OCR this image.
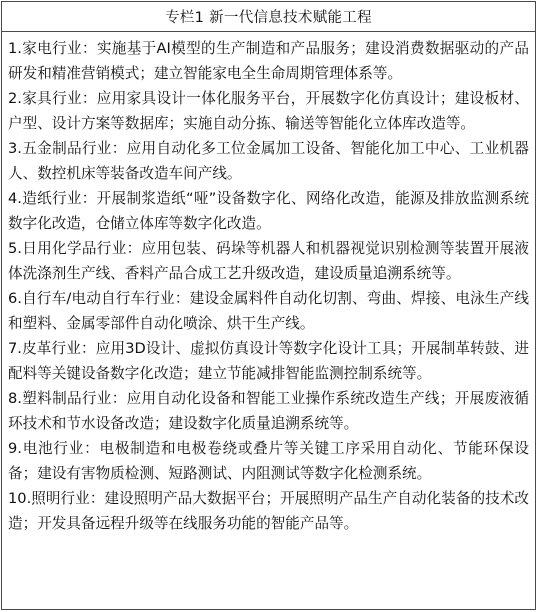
专栏1 新一代信息技术赋能工程

1.家电行业：实施基于AI模型的生产制造和产品服务；建设消费数据驱动的产品研发和精准营销模式；建立智能家电全生命周期管理体系等。

2.家具行业：应用家具设计一体化服务平台，开展数字化仿真设计；建设板材、户型、设计方案等数据库；实施自动分拣、输送等智能化立体库改造等。

3.五金制品行业：应用自动化多工位金属加工设备、智能化加工中心、工业机器人、数控机床等装备改造车间产线。

4.造纸行业：开展制浆造纸“哑”设备数字化、网络化改造，能源及排放监测系统数字化改造，仓储立体库等数字化改造。

5.日用化学品行业：应用包装、码垛等机器人和机器视觉识别检测等装置开展液体洗涤剂生产线、香料产品合成工艺升级改造，建设质量追溯系统等。

6.自行车/电动自行车行业：建设金属料件自动化切割、弯曲、焊接、电泳生产线和塑料、金属零部件自动化喷涂、烘干生产线。

7.皮革行业：应用3D设计、虚拟仿真设计等数字化设计工具；开展制革转鼓、进配料等关键设备数字化改造；建立节能减排智能监测控制系统等。

8.塑料制品行业：应用自动化设备和智能工业操作系统改造生产线；开展废液循环技术和节水设备改造；建设数字化质量追溯系统等。

9.电池行业：电极制造和电极卷绕或叠片等关键工序采用自动化、节能环保设备；建设有害物质检测、短路测试、内阻测试等数字化检测系统。

10.照明行业：建设照明产品大数据平台；开展照明产品生产自动化装备的技术改造；开发具备远程升级等在线服务功能的智能产品等。
